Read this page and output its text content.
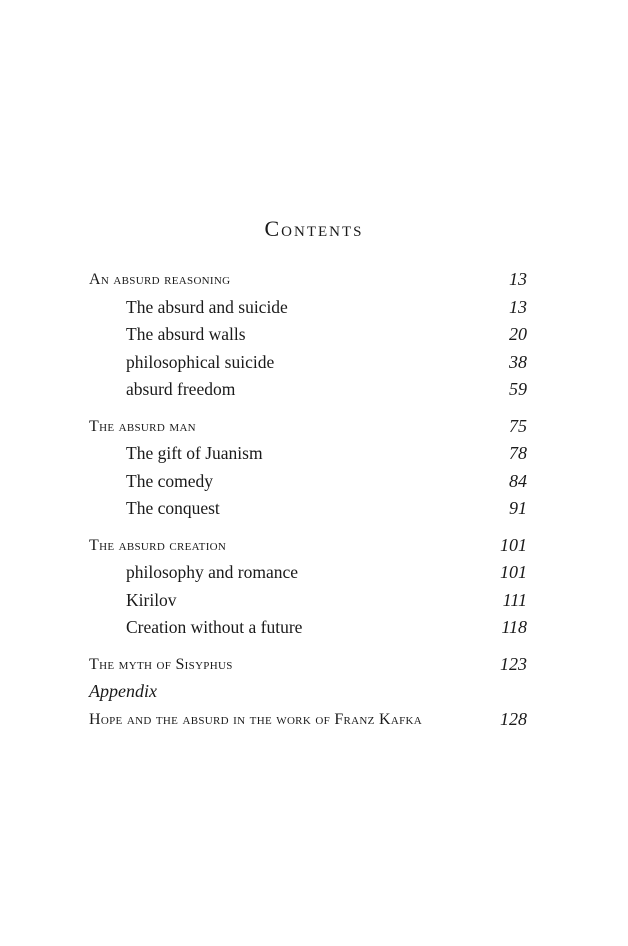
Contents
An absurd reasoning	13
The absurd and suicide	13
The absurd walls	20
philosophical suicide	38
absurd freedom	59
The absurd man	75
The gift of Juanism	78
The comedy	84
The conquest	91
The absurd creation	101
philosophy and romance	101
Kirilov	111
Creation without a future	118
The myth of Sisyphus	123
Appendix
Hope and the absurd in the work of Franz Kafka	128
